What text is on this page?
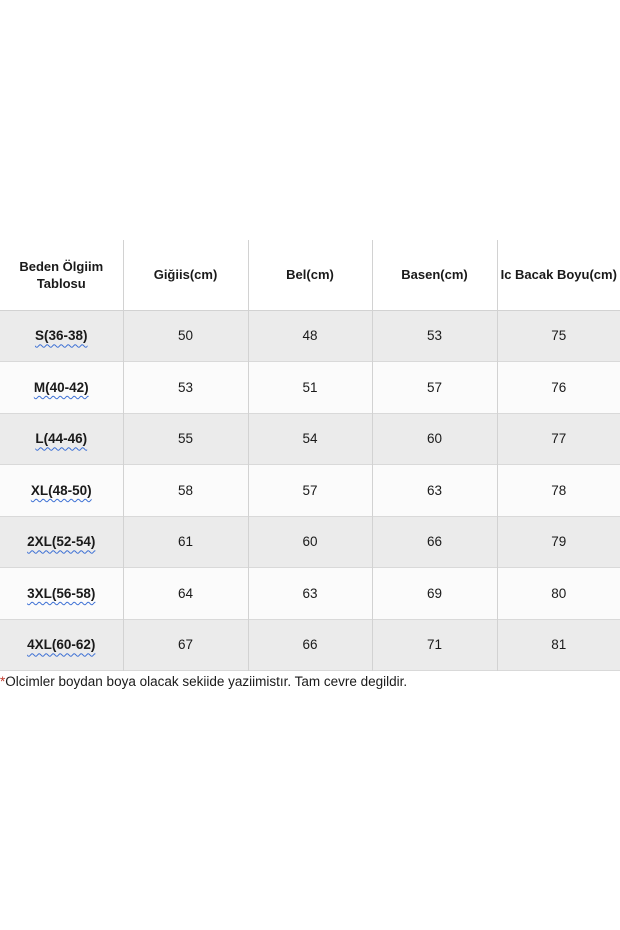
Beden Ölgiim
Tablosu	Giğiis(cm)	Bel(cm)	Basen(cm)	Ic Bacak Boyu(cm)
S(36-38)	50	48	53	75
M(40-42)	53	51	57	76
L(44-46)	55	54	60	77
XL(48-50)	58	57	63	78
2XL(52-54)	61	60	66	79
3XL(56-58)	64	63	69	80
4XL(60-62)	67	66	71	81
*Olcimler boydan boya olacak sekiide yaziimistır. Tam cevre degildir.
